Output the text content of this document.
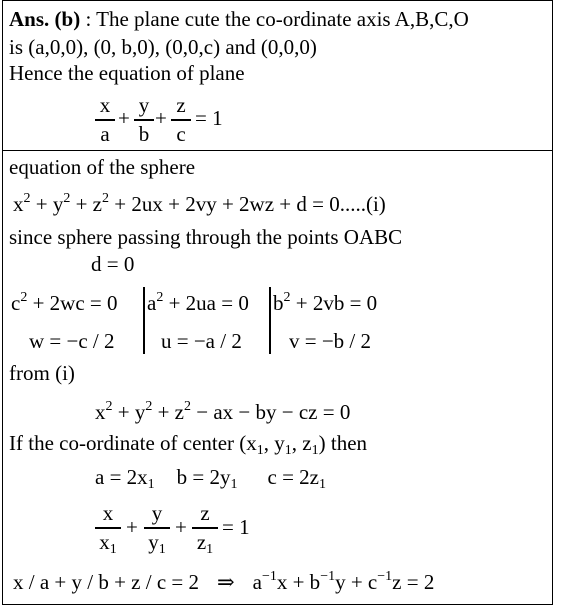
Ans. (b) : The plane cute the co-ordinate axis A,B,C,O
is (a,0,0), (0, b,0), (0,0,c) and (0,0,0)
Hence the equation of plane
x
a
+
y
b
+
z
c
= 1
equation of the sphere
$x^2 + y^2 + z^2 + 2ux + 2vy + 2wz + d = 0.....(i)$
since sphere passing through the points OABC
d = 0
$c^2 + 2wc = 0$ $a^2 + 2ua = 0$ $b^2 + 2vb = 0$
w = −c / 2 u = −a / 2 v = −b / 2
from (i)
$x^2 + y^2 + z^2$ − ax − by − cz = 0
If the co-ordinate of center ($x_1$, $y_1$, $z_1$) then
$a = 2x_1$ $b = 2y_1$ $c = 2z_1$
x
$x_1$
+
y
$y_1$
+
z
$z_1$
= 1
x / a + y / b + z / c = 2 ⇒ $a^{-1}x + b^{-1}y + c^{-1}z = 2$
